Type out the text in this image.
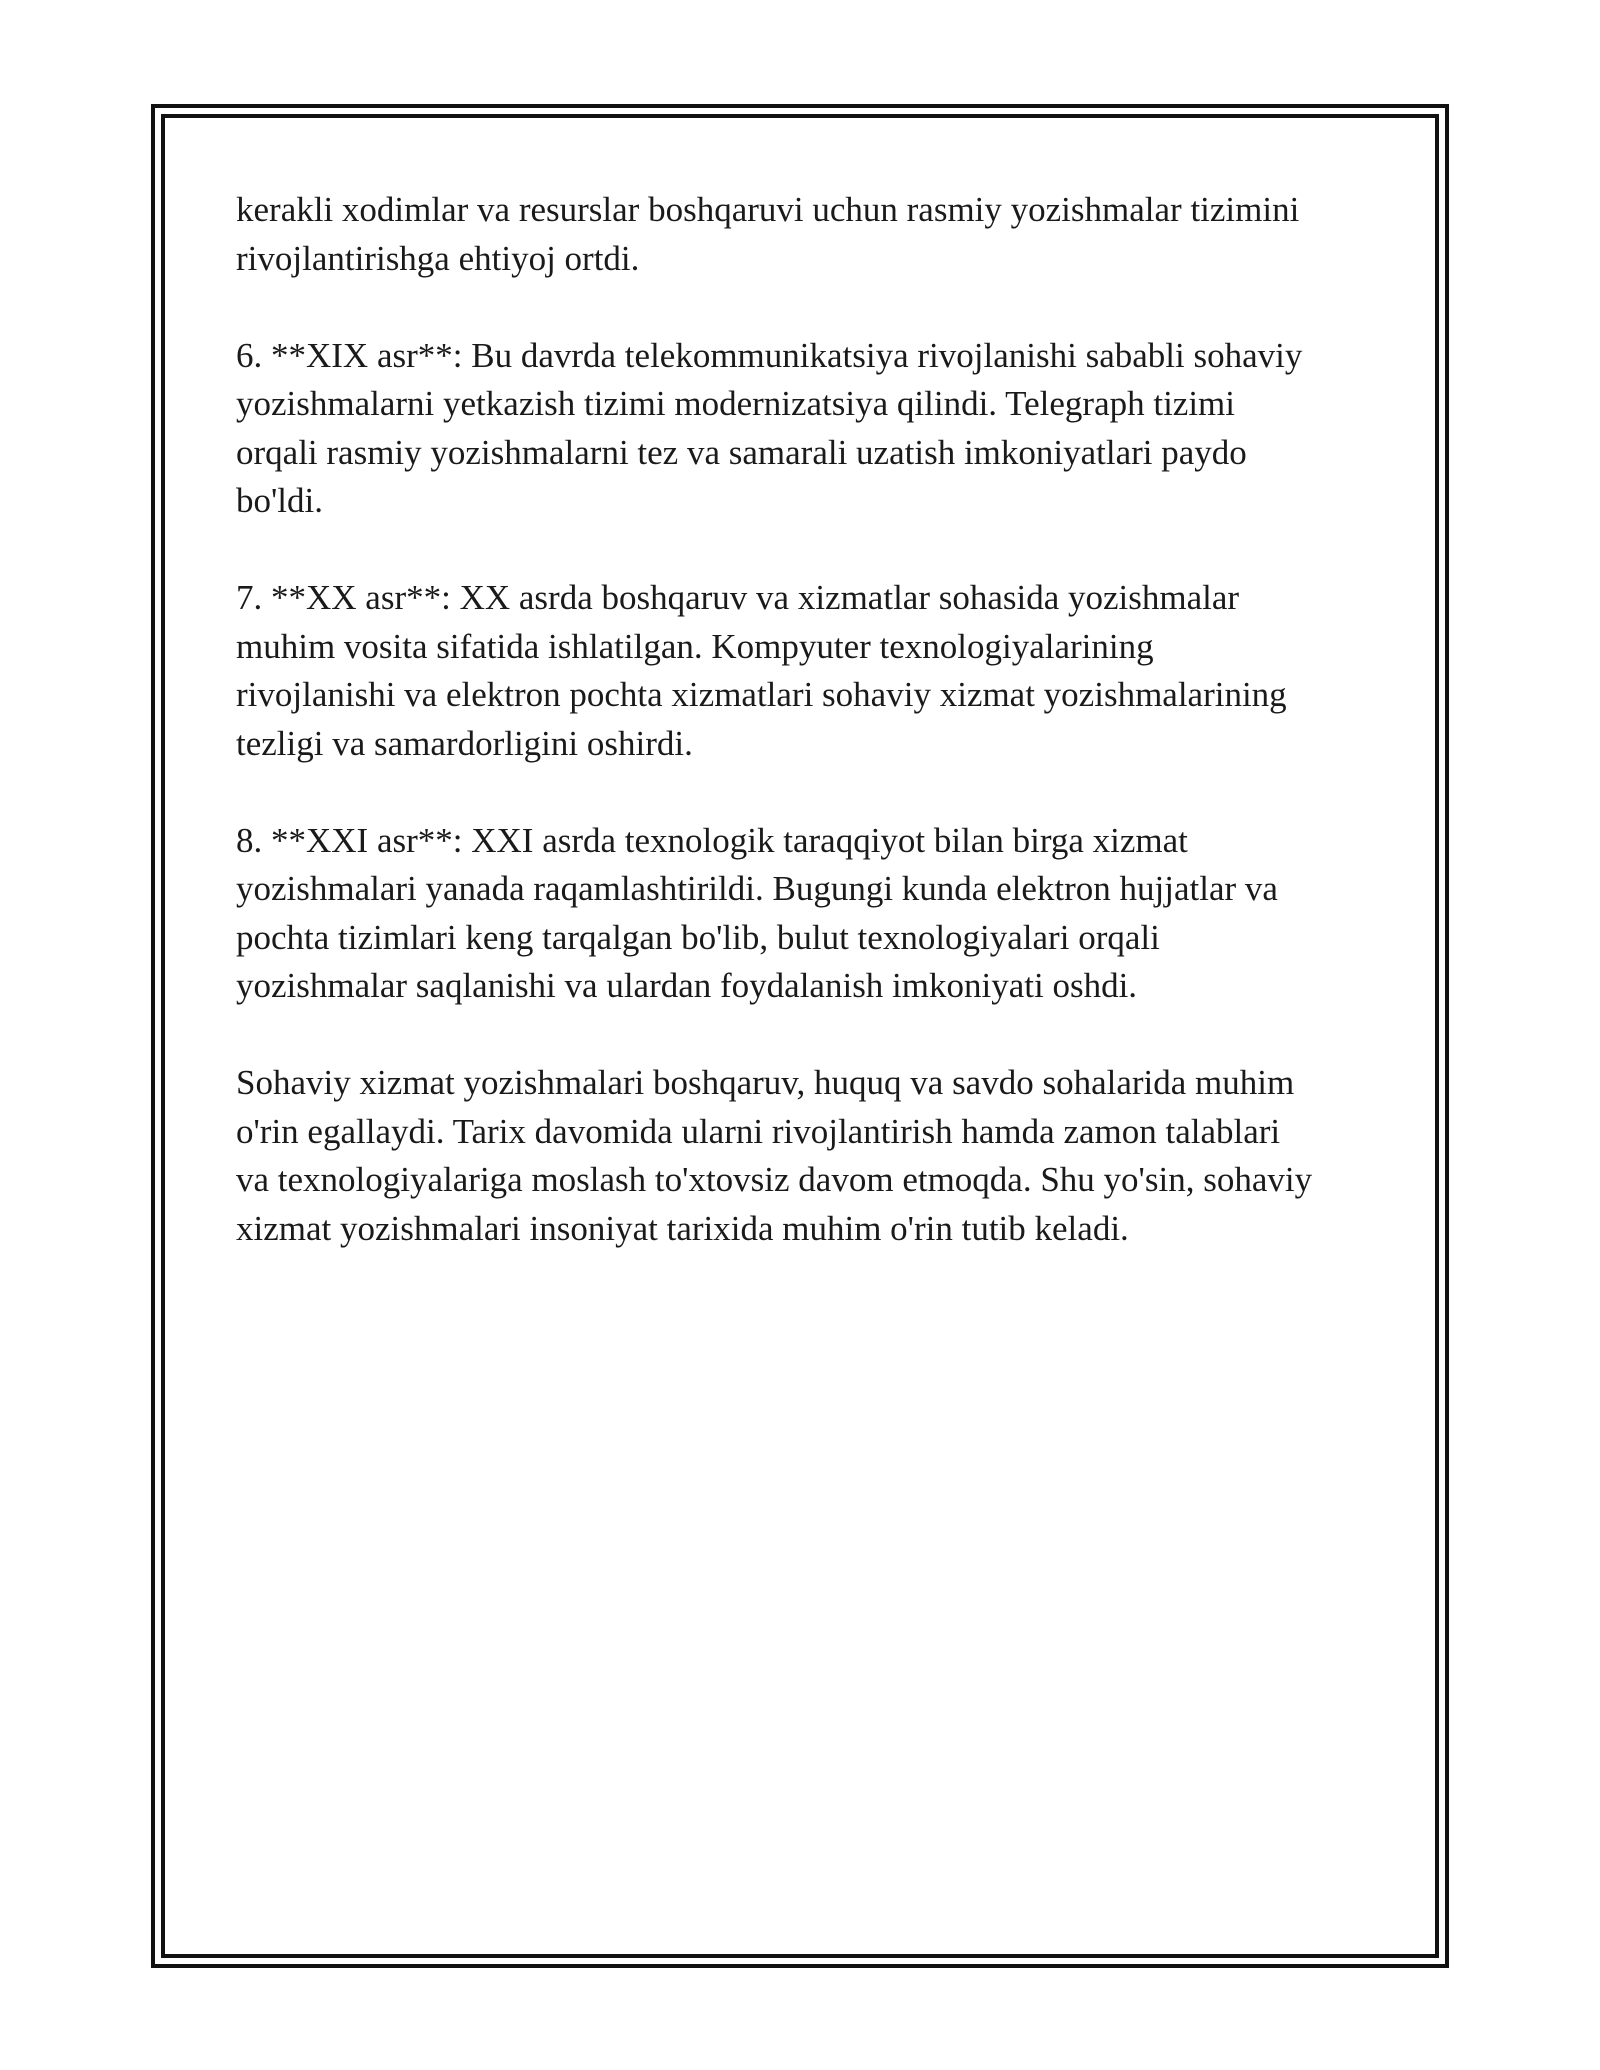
kerakli xodimlar va resurslar boshqaruvi uchun rasmiy yozishmalar tizimini
rivojlantirishga ehtiyoj ortdi.

6. **XIX asr**: Bu davrda telekommunikatsiya rivojlanishi sababli sohaviy
yozishmalarni yetkazish tizimi modernizatsiya qilindi. Telegraph tizimi
orqali rasmiy yozishmalarni tez va samarali uzatish imkoniyatlari paydo
bo'ldi.

7. **XX asr**: XX asrda boshqaruv va xizmatlar sohasida yozishmalar
muhim vosita sifatida ishlatilgan. Kompyuter texnologiyalarining
rivojlanishi va elektron pochta xizmatlari sohaviy xizmat yozishmalarining
tezligi va samardorligini oshirdi.

8. **XXI asr**: XXI asrda texnologik taraqqiyot bilan birga xizmat
yozishmalari yanada raqamlashtirildi. Bugungi kunda elektron hujjatlar va
pochta tizimlari keng tarqalgan bo'lib, bulut texnologiyalari orqali
yozishmalar saqlanishi va ulardan foydalanish imkoniyati oshdi.

Sohaviy xizmat yozishmalari boshqaruv, huquq va savdo sohalarida muhim
o'rin egallaydi. Tarix davomida ularni rivojlantirish hamda zamon talablari
va texnologiyalariga moslash to'xtovsiz davom etmoqda. Shu yo'sin, sohaviy
xizmat yozishmalari insoniyat tarixida muhim o'rin tutib keladi.
